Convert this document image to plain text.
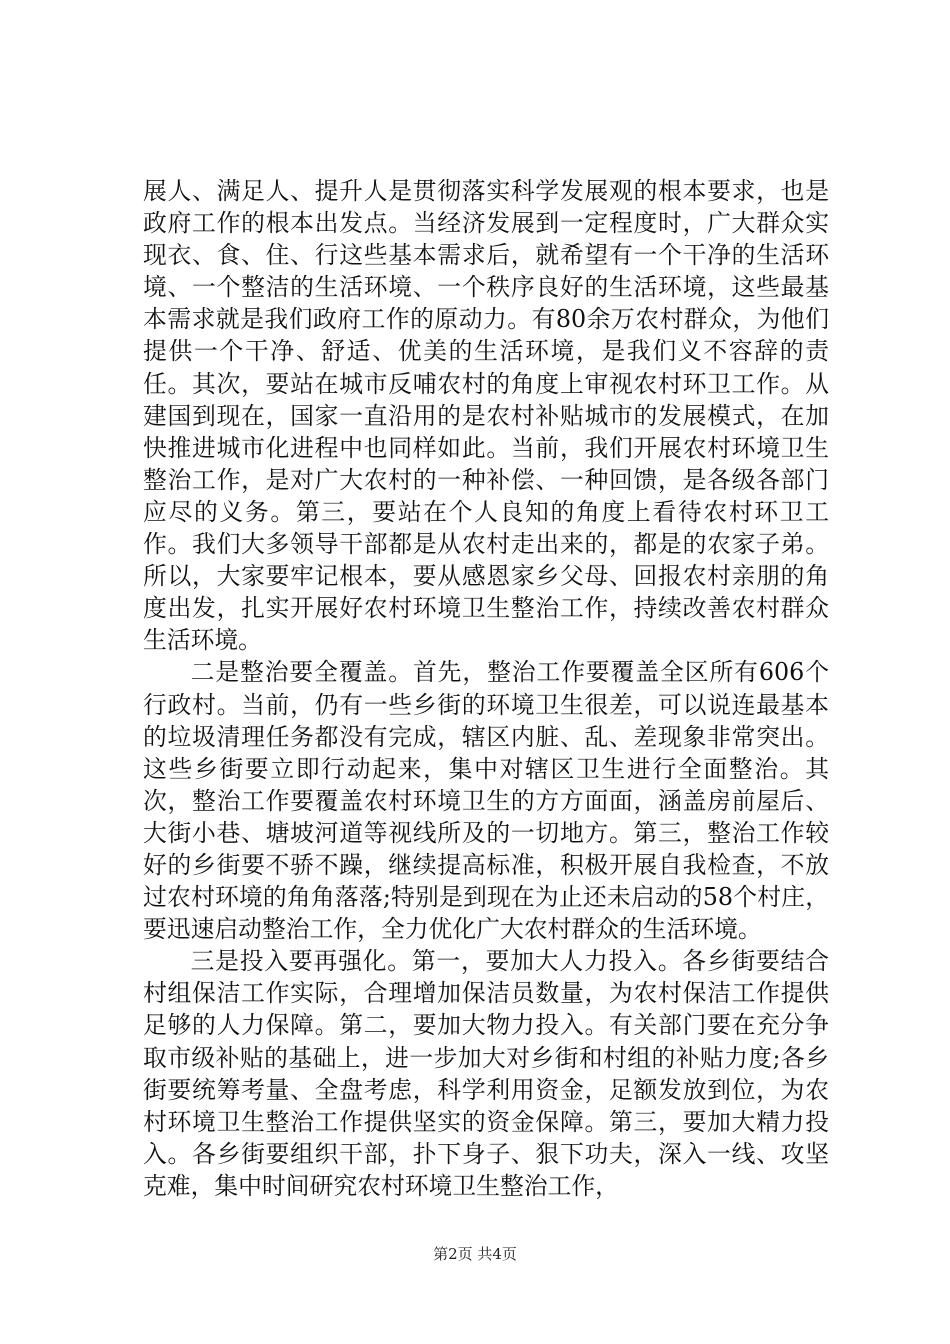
展人、满足人、提升人是贯彻落实科学发展观的根本要求，也是政府工作的根本出发点。当经济发展到一定程度时，广大群众实现衣、食、住、行这些基本需求后，就希望有一个干净的生活环境、一个整洁的生活环境、一个秩序良好的生活环境，这些最基本需求就是我们政府工作的原动力。有80余万农村群众，为他们提供一个干净、舒适、优美的生活环境，是我们义不容辞的责任。其次，要站在城市反哺农村的角度上审视农村环卫工作。从建国到现在，国家一直沿用的是农村补贴城市的发展模式，在加快推进城市化进程中也同样如此。当前，我们开展农村环境卫生整治工作，是对广大农村的一种补偿、一种回馈，是各级各部门应尽的义务。第三，要站在个人良知的角度上看待农村环卫工作。我们大多领导干部都是从农村走出来的，都是的农家子弟。所以，大家要牢记根本，要从感恩家乡父母、回报农村亲朋的角度出发，扎实开展好农村环境卫生整治工作，持续改善农村群众生活环境。

二是整治要全覆盖。首先，整治工作要覆盖全区所有606个行政村。当前，仍有一些乡街的环境卫生很差，可以说连最基本的垃圾清理任务都没有完成，辖区内脏、乱、差现象非常突出。这些乡街要立即行动起来，集中对辖区卫生进行全面整治。其次，整治工作要覆盖农村环境卫生的方方面面，涵盖房前屋后、大街小巷、塘坡河道等视线所及的一切地方。第三，整治工作较好的乡街要不骄不躁，继续提高标准，积极开展自我检查，不放过农村环境的角角落落;特别是到现在为止还未启动的58个村庄，要迅速启动整治工作，全力优化广大农村群众的生活环境。

三是投入要再强化。第一，要加大人力投入。各乡街要结合村组保洁工作实际，合理增加保洁员数量，为农村保洁工作提供足够的人力保障。第二，要加大物力投入。有关部门要在充分争取市级补贴的基础上，进一步加大对乡街和村组的补贴力度;各乡街要统筹考量、全盘考虑，科学利用资金，足额发放到位，为农村环境卫生整治工作提供坚实的资金保障。第三，要加大精力投入。各乡街要组织干部，扑下身子、狠下功夫，深入一线、攻坚克难，集中时间研究农村环境卫生整治工作，

第2页 共4页
